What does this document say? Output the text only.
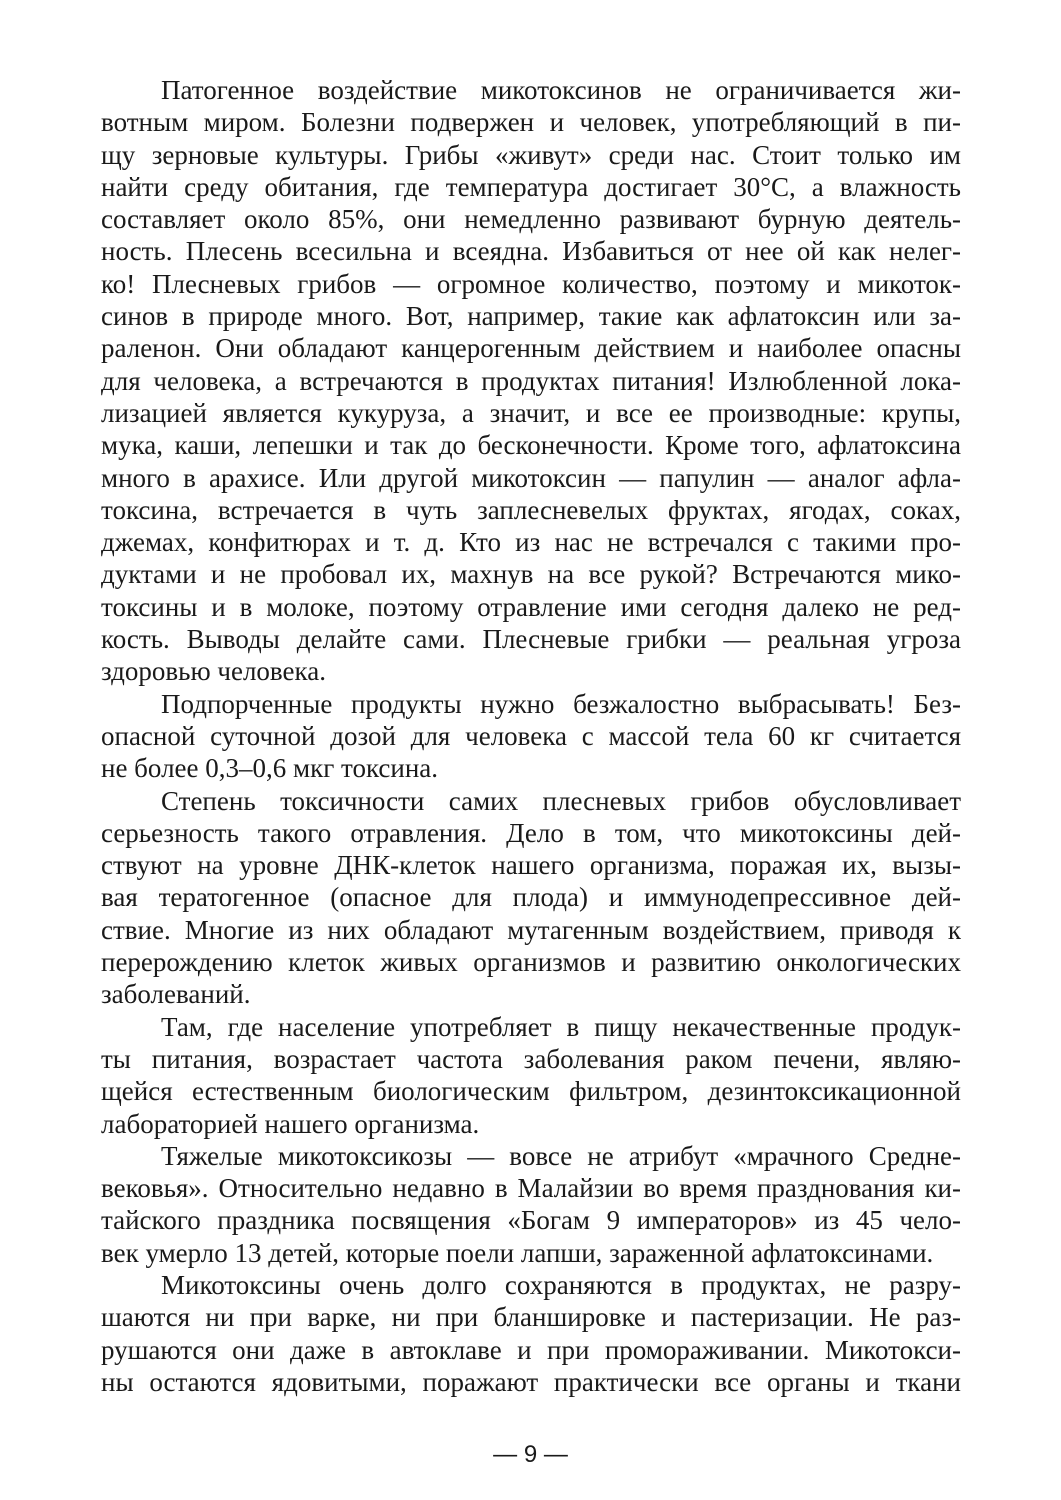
Патогенное воздействие микотоксинов не ограничивается жи-
вотным миром. Болезни подвержен и человек, употребляющий в пи-
щу зерновые культуры. Грибы «живут» среди нас. Стоит только им
найти среду обитания, где температура достигает 30°С, а влажность
составляет около 85%, они немедленно развивают бурную деятель-
ность. Плесень всесильна и всеядна. Избавиться от нее ой как нелег-
ко! Плесневых грибов — огромное количество, поэтому и микоток-
синов в природе много. Вот, например, такие как афлатоксин или за-
раленон. Они обладают канцерогенным действием и наиболее опасны
для человека, а встречаются в продуктах питания! Излюбленной лока-
лизацией является кукуруза, а значит, и все ее производные: крупы,
мука, каши, лепешки и так до бесконечности. Кроме того, афлатоксина
много в арахисе. Или другой микотоксин — папулин — аналог афла-
токсина, встречается в чуть заплесневелых фруктах, ягодах, соках,
джемах, конфитюрах и т. д. Кто из нас не встречался с такими про-
дуктами и не пробовал их, махнув на все рукой? Встречаются мико-
токсины и в молоке, поэтому отравление ими сегодня далеко не ред-
кость. Выводы делайте сами. Плесневые грибки — реальная угроза
здоровью человека.
Подпорченные продукты нужно безжалостно выбрасывать! Без-
опасной суточной дозой для человека с массой тела 60 кг считается
не более 0,3–0,6 мкг токсина.
Степень токсичности самих плесневых грибов обусловливает
серьезность такого отравления. Дело в том, что микотоксины дей-
ствуют на уровне ДНК-клеток нашего организма, поражая их, вызы-
вая тератогенное (опасное для плода) и иммунодепрессивное дей-
ствие. Многие из них обладают мутагенным воздействием, приводя к
перерождению клеток живых организмов и развитию онкологических
заболеваний.
Там, где население употребляет в пищу некачественные продук-
ты питания, возрастает частота заболевания раком печени, являю-
щейся естественным биологическим фильтром, дезинтоксикационной
лабораторией нашего организма.
Тяжелые микотоксикозы — вовсе не атрибут «мрачного Средне-
вековья». Относительно недавно в Малайзии во время празднования ки-
тайского праздника посвящения «Богам 9 императоров» из 45 чело-
век умерло 13 детей, которые поели лапши, зараженной афлатоксинами.
Микотоксины очень долго сохраняются в продуктах, не разру-
шаются ни при варке, ни при бланшировке и пастеризации. Не раз-
рушаются они даже в автоклаве и при промораживании. Микотокси-
ны остаются ядовитыми, поражают практически все органы и ткани
— 9 —
